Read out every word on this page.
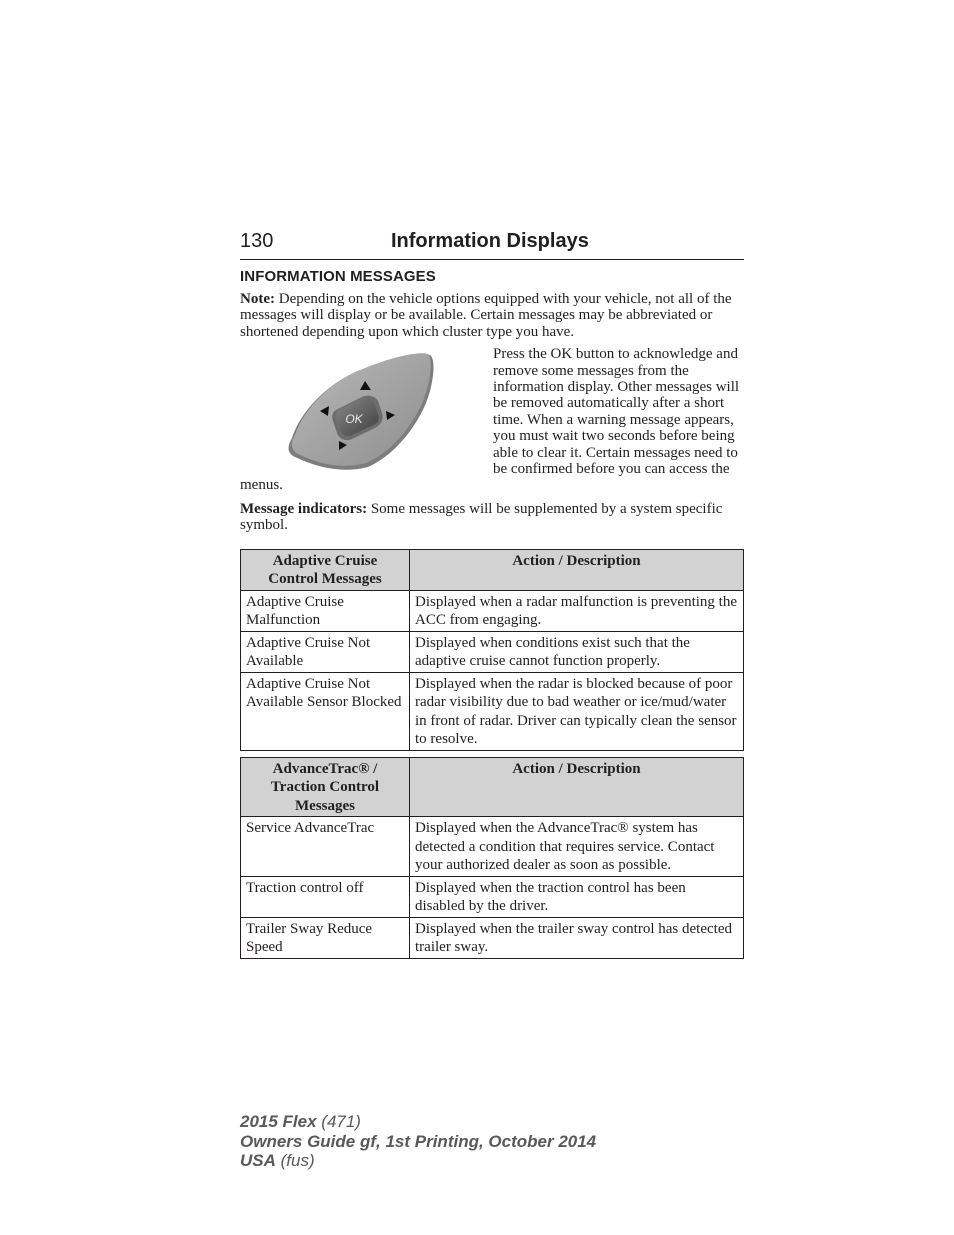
130	Information Displays
INFORMATION MESSAGES
Note: Depending on the vehicle options equipped with your vehicle, not all of the messages will display or be available. Certain messages may be abbreviated or shortened depending upon which cluster type you have.
OK
Press the OK button to acknowledge and remove some messages from the information display. Other messages will be removed automatically after a short time. When a warning message appears, you must wait two seconds before being able to clear it. Certain messages need to be confirmed before you can access the menus.
Message indicators: Some messages will be supplemented by a system specific symbol.
Adaptive Cruise Control Messages	Action / Description
Adaptive Cruise Malfunction	Displayed when a radar malfunction is preventing the ACC from engaging.
Adaptive Cruise Not Available	Displayed when conditions exist such that the adaptive cruise cannot function properly.
Adaptive Cruise Not Available Sensor Blocked	Displayed when the radar is blocked because of poor radar visibility due to bad weather or ice/mud/water in front of radar. Driver can typically clean the sensor to resolve.
AdvanceTrac® / Traction Control Messages	Action / Description
Service AdvanceTrac	Displayed when the AdvanceTrac® system has detected a condition that requires service. Contact your authorized dealer as soon as possible.
Traction control off	Displayed when the traction control has been disabled by the driver.
Trailer Sway Reduce Speed	Displayed when the trailer sway control has detected trailer sway.
2015 Flex (471)
Owners Guide gf, 1st Printing, October 2014
USA (fus)
